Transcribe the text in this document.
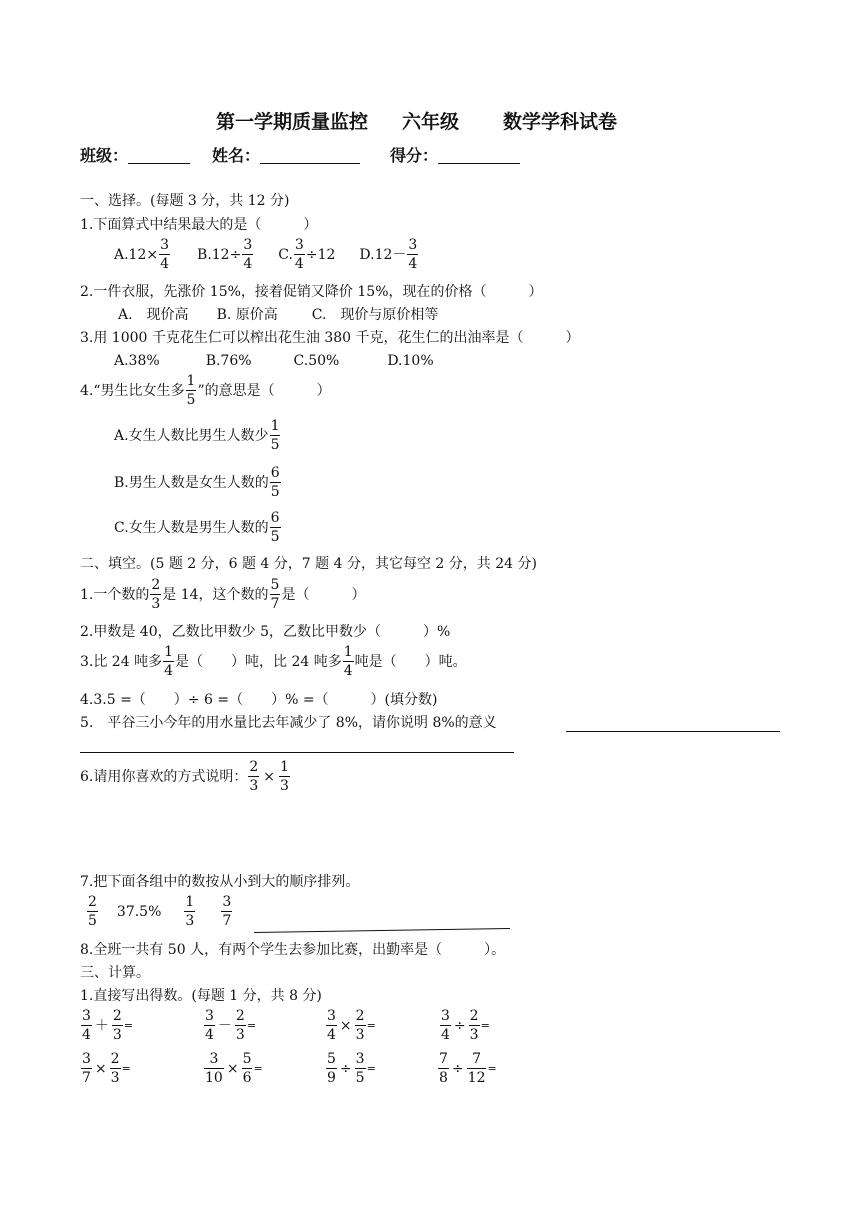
第一学期质量监控 六年级 数学学科试卷
班级：	姓名：	得分：
一、选择。(每题 3 分，共 12 分)
1.下面算式中结果最大的是（　　　）
$A.12\times \frac{3}{4} B.12\div \frac{3}{4} C$. $\frac{3}{4} \div 12$ $D.12- \frac{3}{4}$
2.一件衣服，先涨价 15%，接着促销又降价 15%，现在的价格（　　　）
A.　现价高 B. 原价高 C.　现价与原价相等
3.用 1000 千克花生仁可以榨出花生油 380 千克，花生仁的出油率是（　　　）
A.38%	B.76%	C.50%	D.10%
4.“男生比女生多 $\frac{1}{5}$ ”的意思是（　　　）
A.女生人数比男生人数少 $\frac{1}{5}$
B.男生人数是女生人数的 $\frac{6}{5}$
C.女生人数是男生人数的 $\frac{6}{5}$
二、填空。(5 题 2 分，6 题 4 分，7 题 4 分，其它每空 2 分，共 24 分)
1.一个数的 $\frac{2}{3}$ 是 14，这个数的 $\frac{5}{7}$ 是（　　　）
2.甲数是 40，乙数比甲数少 5，乙数比甲数少（　　　）%
3.比 24 吨多 $\frac{1}{4}$ 是（　　）吨，比 24 吨多 $\frac{1}{4}$ 吨是（　　）吨。
4.3.5 =（　　）÷ 6 =（　　）% =（　　　）(填分数)
5.　平谷三小今年的用水量比去年减少了 8%，请你说明 8%的意义
6.请用你喜欢的方式说明： $\frac{2}{3} \times \frac{1}{3}$
7.把下面各组中的数按从小到大的顺序排列。
$\frac{2}{5} 37.5\% \frac{1}{3} \frac{3}{7}$
8.全班一共有 50 人，有两个学生去参加比赛，出勤率是（　　　）。
三、计算。
1.直接写出得数。(每题 1 分，共 8 分)
$\frac{3}{4} + \frac{2}{3}$ =	$\frac{3}{4} - \frac{2}{3}$ =	$\frac{3}{4} \times \frac{2}{3}$ =	$\frac{3}{4} \div \frac{2}{3}$ =
$\frac{3}{7} \times \frac{2}{3}$ =	$\frac{3}{10} \times \frac{5}{6}$ =	$\frac{5}{9} \div \frac{3}{5}$ =	$\frac{7}{8} \div \frac{7}{12}$ =
